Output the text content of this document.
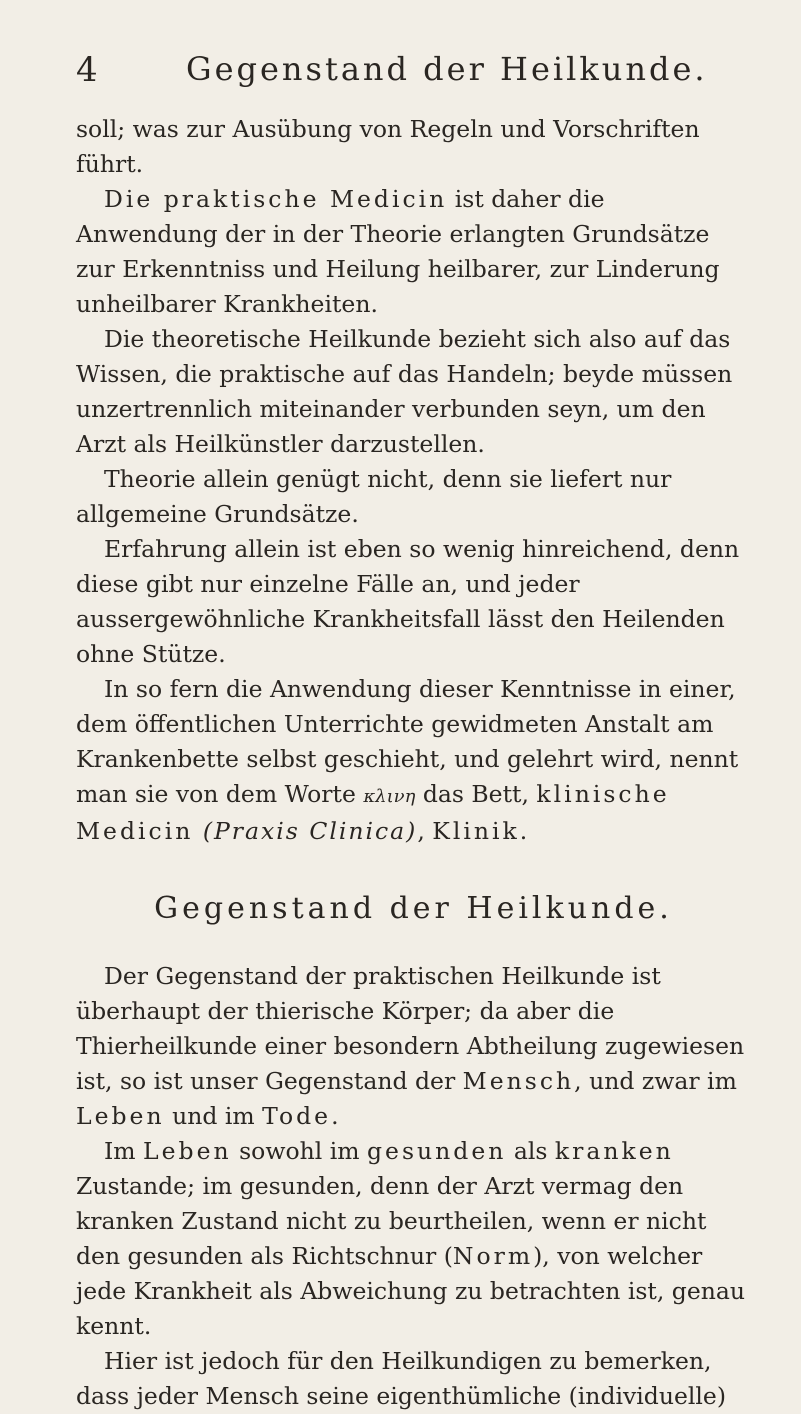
4	Gegenstand der Heilkunde.

soll; was zur Ausübung von Regeln und Vorschriften führt.

Die praktische Medicin ist daher die Anwendung der in der Theorie erlangten Grundsätze zur Erkenntniss und Heilung heilbarer, zur Linderung unheilbarer Krankheiten.

Die theoretische Heilkunde bezieht sich also auf das Wissen, die praktische auf das Handeln; beyde müssen unzertrennlich miteinander verbunden seyn, um den Arzt als Heilkünstler darzustellen.

Theorie allein genügt nicht, denn sie liefert nur allgemeine Grundsätze.

Erfahrung allein ist eben so wenig hinreichend, denn diese gibt nur einzelne Fälle an, und jeder aussergewöhnliche Krankheitsfall lässt den Heilenden ohne Stütze.

In so fern die Anwendung dieser Kenntnisse in einer, dem öffentlichen Unterrichte gewidmeten Anstalt am Krankenbette selbst geschieht, und gelehrt wird, nennt man sie von dem Worte κλινη das Bett, klinische Medicin (Praxis Clinica), Klinik.

Gegenstand der Heilkunde.

Der Gegenstand der praktischen Heilkunde ist überhaupt der thierische Körper; da aber die Thierheilkunde einer besondern Abtheilung zugewiesen ist, so ist unser Gegenstand der Mensch, und zwar im Leben und im Tode.

Im Leben sowohl im gesunden als kranken Zustande; im gesunden, denn der Arzt vermag den kranken Zustand nicht zu beurtheilen, wenn er nicht den gesunden als Richtschnur (Norm), von welcher jede Krankheit als Abweichung zu betrachten ist, genau kennt.

Hier ist jedoch für den Heilkundigen zu bemerken, dass jeder Mensch seine eigenthümliche (individuelle)
